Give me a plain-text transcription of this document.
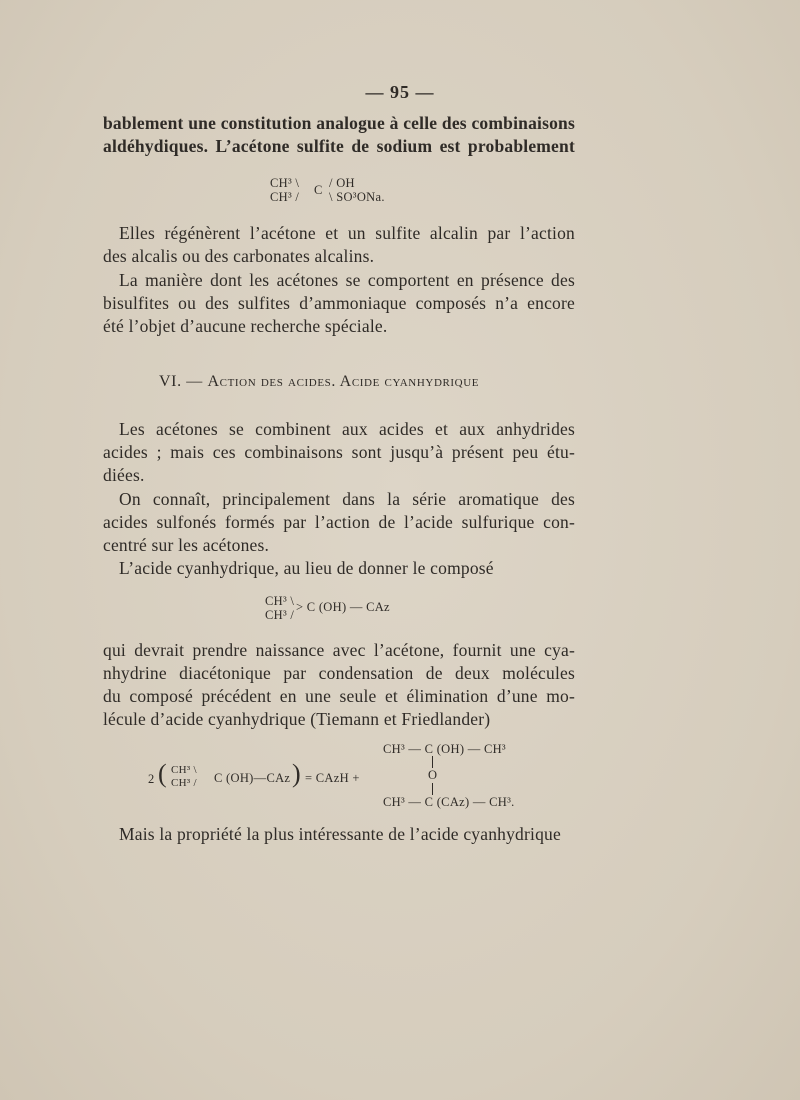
— 95 —
bablement une constitution analogue à celle des combinaisons
aldéhydiques. L’acétone sulfite de sodium est probablement
CH³ \
CH³ / C / OH
\ SO³ONa.
Elles régénèrent l’acétone et un sulfite alcalin par l’action
des alcalis ou des carbonates alcalins.
La manière dont les acétones se comportent en présence des
bisulfites ou des sulfites d’ammoniaque composés n’a encore
été l’objet d’aucune recherche spéciale.
VI. — Action des acides. Acide cyanhydrique
Les acétones se combinent aux acides et aux anhydrides
acides ; mais ces combinaisons sont jusqu’à présent peu étu-
diées.
On connaît, principalement dans la série aromatique des
acides sulfonés formés par l’action de l’acide sulfurique con-
centré sur les acétones.
L’acide cyanhydrique, au lieu de donner le composé
CH³ \
CH³ /
> C (OH) — CAz
qui devrait prendre naissance avec l’acétone, fournit une cya-
nhydrine diacétonique par condensation de deux molécules
du composé précédent en une seule et élimination d’une mo-
lécule d’acide cyanhydrique (Tiemann et Friedlander)
2 ( CH³ \
CH³ / C (OH)—CAz ) = CAzH +
CH³ — C (OH) — CH³
O
CH³ — C (CAz) — CH³.
Mais la propriété la plus intéressante de l’acide cyanhydrique
